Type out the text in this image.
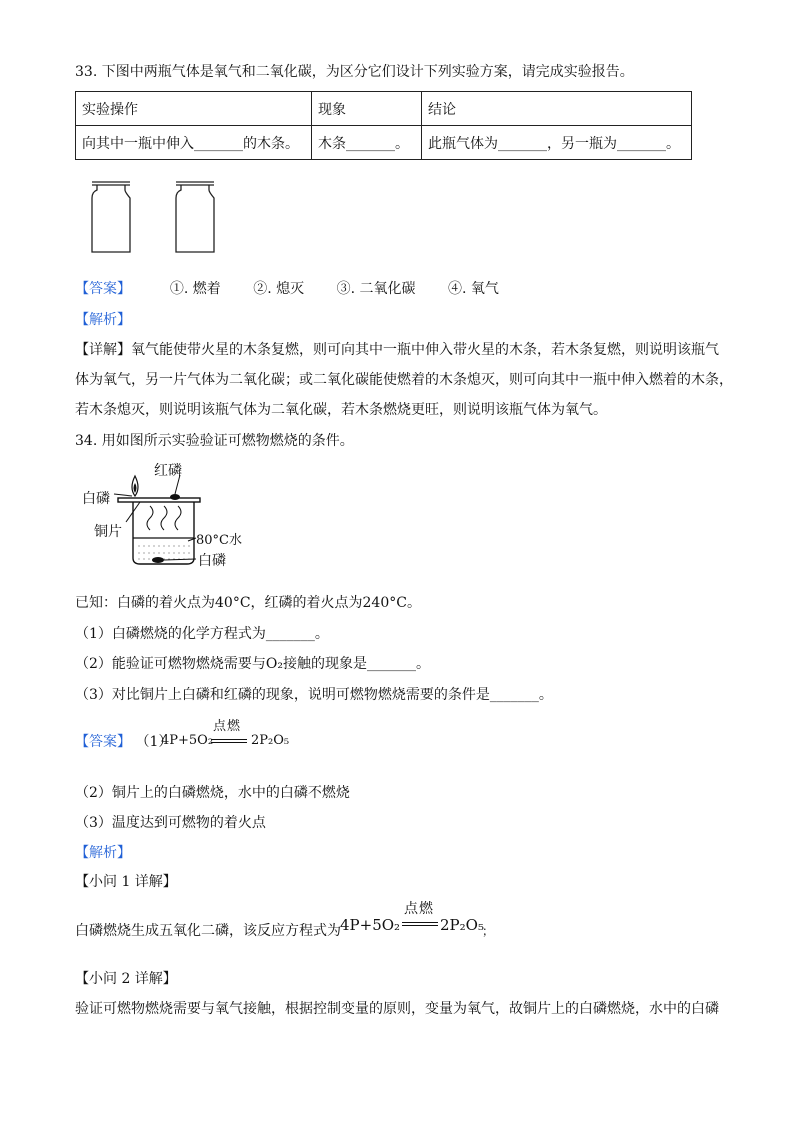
33. 下图中两瓶气体是氧气和二氧化碳，为区分它们设计下列实验方案，请完成实验报告。
实验操作	现象	结论
向其中一瓶中伸入_______的木条。	木条_______。	此瓶气体为_______，另一瓶为_______。
【答案】	①. 燃着 ②. 熄灭 ③. 二氧化碳 ④. 氧气
【解析】
【详解】氧气能使带火星的木条复燃，则可向其中一瓶中伸入带火星的木条，若木条复燃，则说明该瓶气
体为氧气，另一片气体为二氧化碳；或二氧化碳能使燃着的木条熄灭，则可向其中一瓶中伸入燃着的木条，
若木条熄灭，则说明该瓶气体为二氧化碳，若木条燃烧更旺，则说明该瓶气体为氧气。
34. 用如图所示实验验证可燃物燃烧的条件。
红磷
白磷
铜片
80°C水
白磷
已知：白磷的着火点为40°C，红磷的着火点为240°C。
（1）白磷燃烧的化学方程式为_______。
（2）能验证可燃物燃烧需要与O₂接触的现象是_______。
（3）对比铜片上白磷和红磷的现象，说明可燃物燃烧需要的条件是_______。
【答案】 （1）
4P+5O₂
点燃
2P₂O₅
（2）铜片上的白磷燃烧，水中的白磷不燃烧
（3）温度达到可燃物的着火点
【解析】
【小问 1 详解】
白磷燃烧生成五氧化二磷，该反应方程式为 4P+5O₂
点燃
2P₂O₅
；
【小问 2 详解】
验证可燃物燃烧需要与氧气接触，根据控制变量的原则，变量为氧气，故铜片上的白磷燃烧，水中的白磷
